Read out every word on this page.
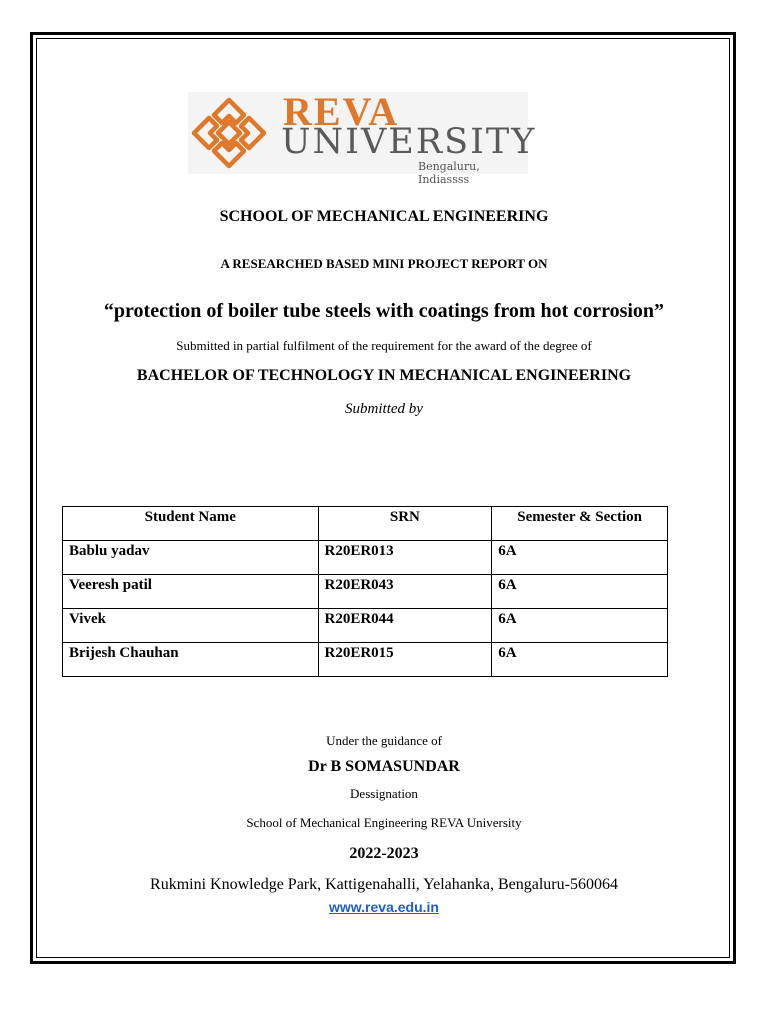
REVA
UNIVERSITY
Bengaluru, Indiassss
SCHOOL OF MECHANICAL ENGINEERING
A RESEARCHED BASED MINI PROJECT REPORT ON
“protection of boiler tube steels with coatings from hot corrosion”
Submitted in partial fulfilment of the requirement for the award of the degree of
BACHELOR OF TECHNOLOGY IN MECHANICAL ENGINEERING
Submitted by
Student Name	SRN	Semester & Section
Bablu yadav	R20ER013	6A
Veeresh patil	R20ER043	6A
Vivek	R20ER044	6A
Brijesh Chauhan	R20ER015	6A
Under the guidance of
Dr B SOMASUNDAR
Dessignation
School of Mechanical Engineering REVA University
2022-2023
Rukmini Knowledge Park, Kattigenahalli, Yelahanka, Bengaluru-560064
www.reva.edu.in
